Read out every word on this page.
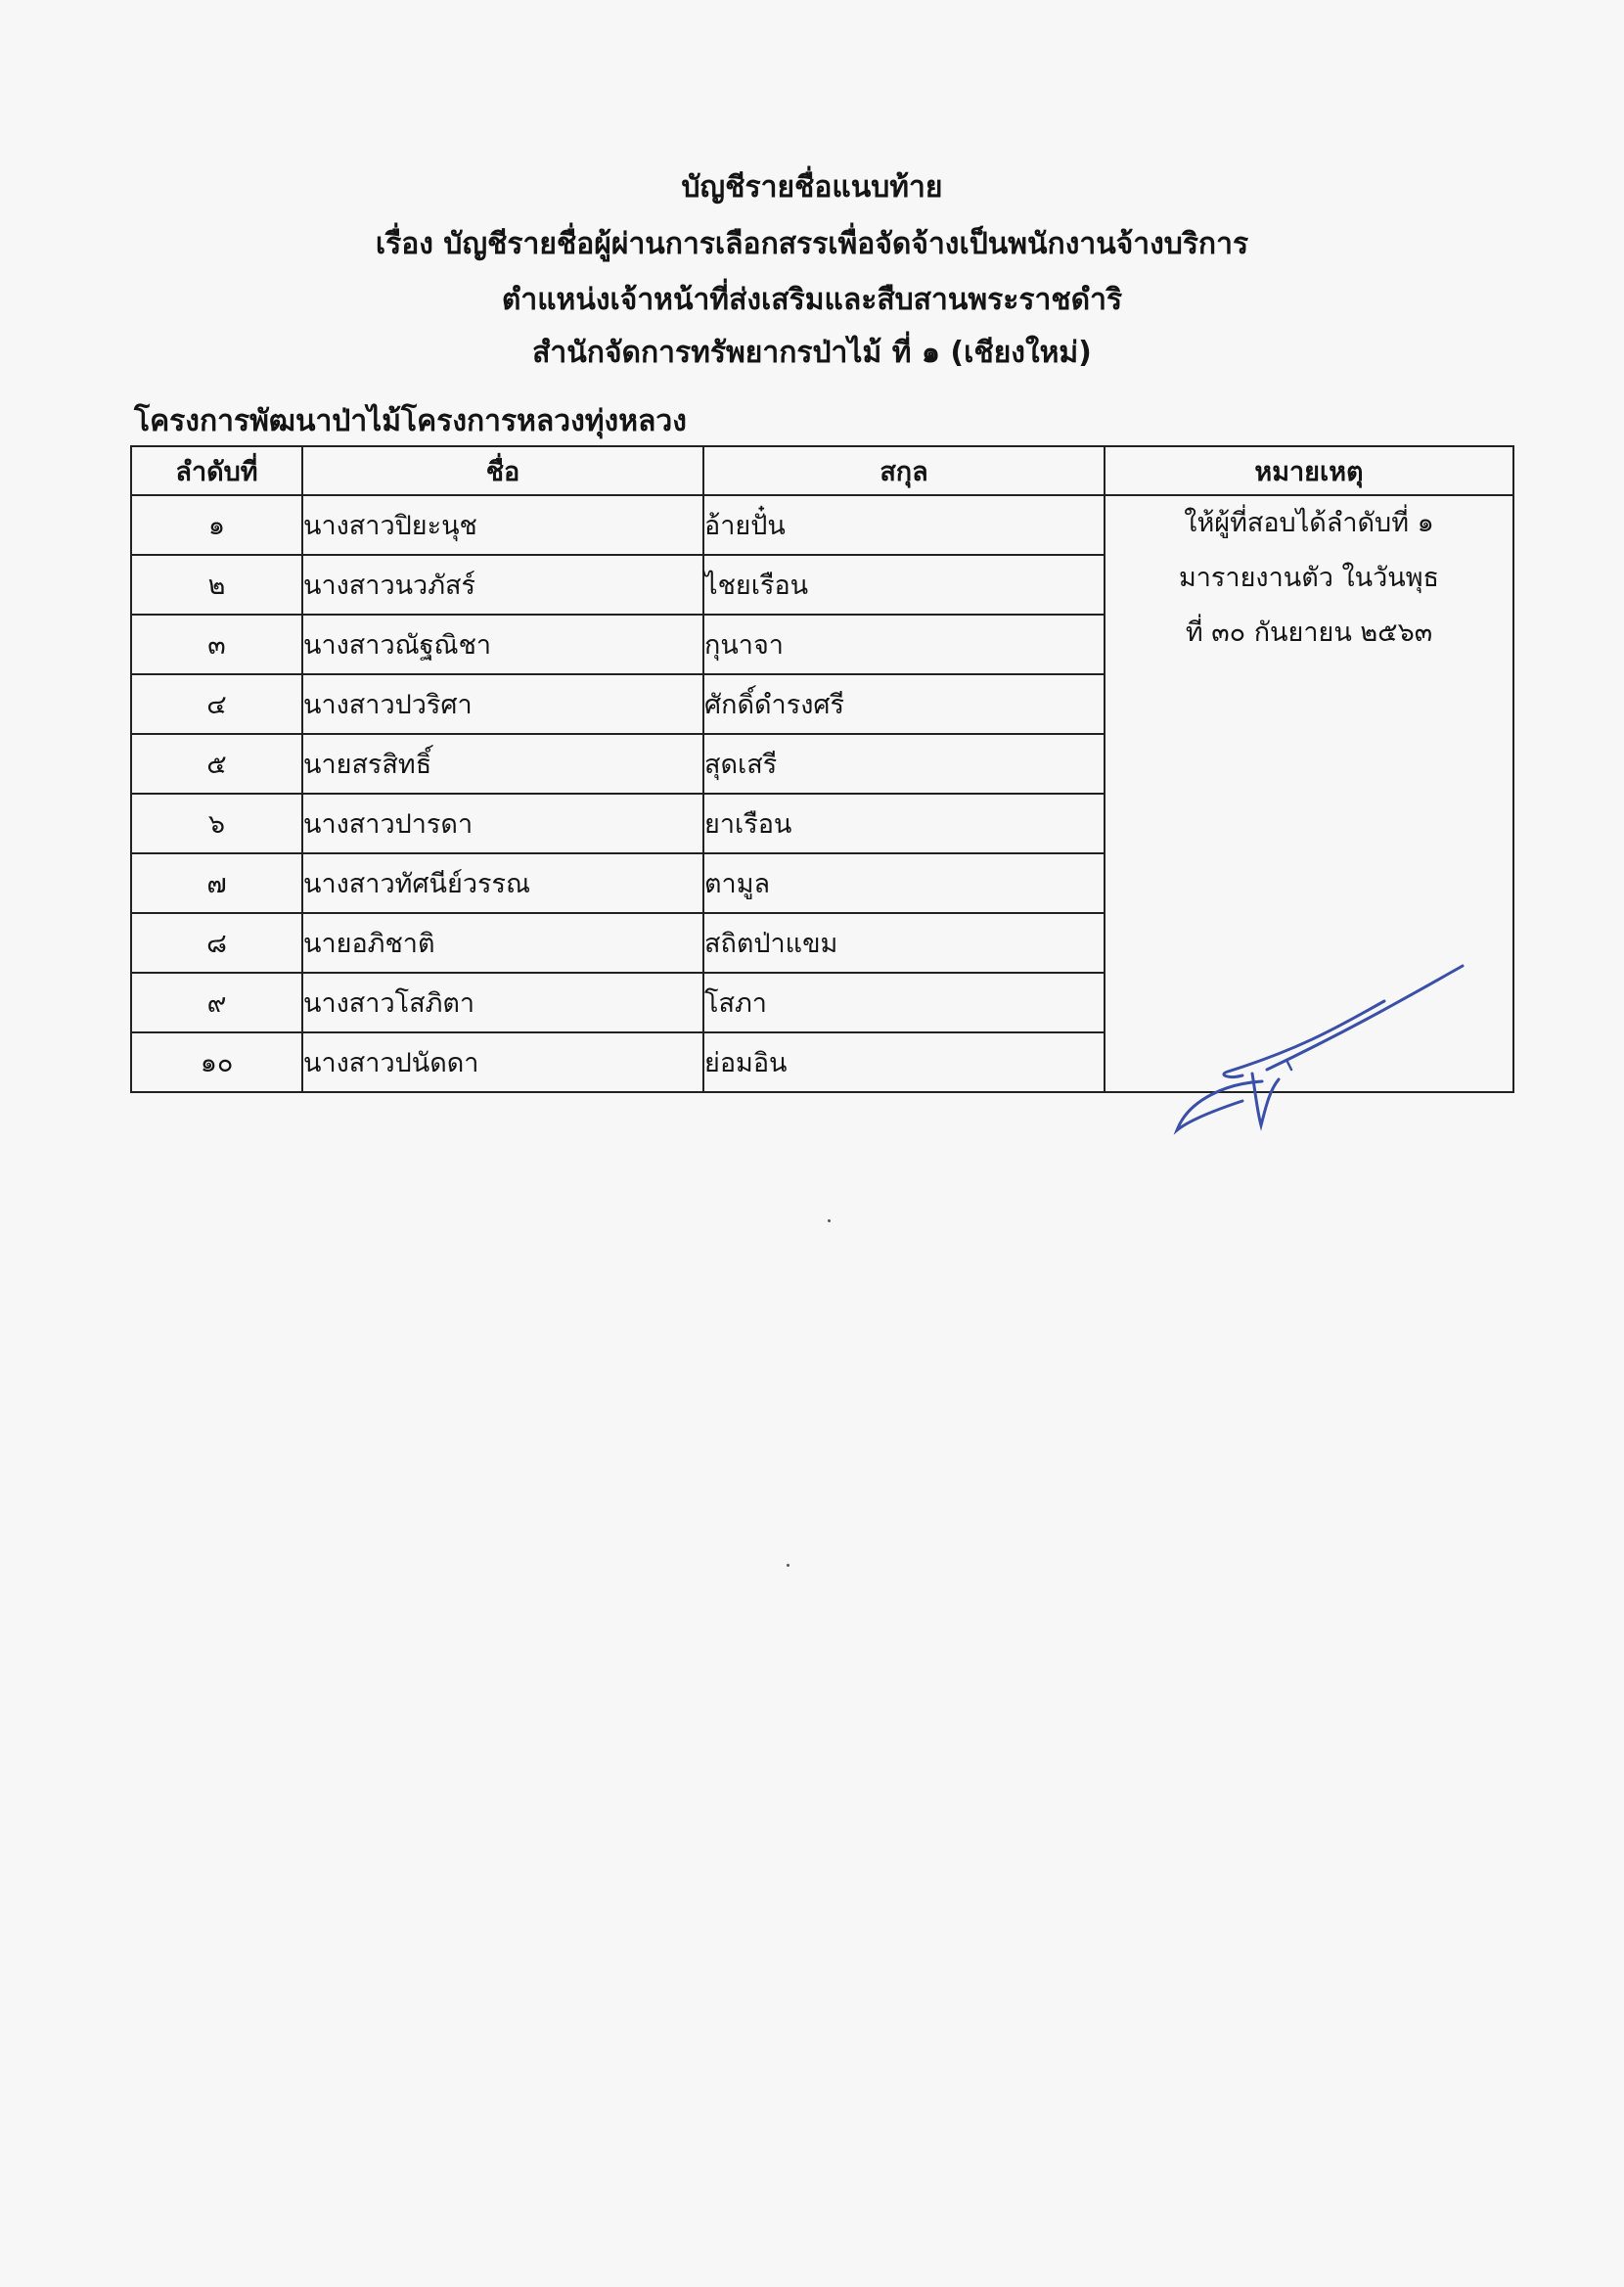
บัญชีรายชื่อแนบท้าย
เรื่อง บัญชีรายชื่อผู้ผ่านการเลือกสรรเพื่อจัดจ้างเป็นพนักงานจ้างบริการ
ตำแหน่งเจ้าหน้าที่ส่งเสริมและสืบสานพระราชดำริ
สำนักจัดการทรัพยากรป่าไม้ ที่ ๑ (เชียงใหม่)
โครงการพัฒนาป่าไม้โครงการหลวงทุ่งหลวง
ลำดับที่	ชื่อ	สกุล	หมายเหตุ
๑	นางสาวปิยะนุช	อ้ายปั๋น	ให้ผู้ที่สอบได้ลำดับที่ ๑
มารายงานตัว ในวันพุธ
ที่ ๓๐ กันยายน ๒๕๖๓

๒	นางสาวนวภัสร์	ไชยเรือน	
๓	นางสาวณัฐณิชา	กุนาจา	
๔	นางสาวปวริศา	ศักดิ์ดำรงศรี	
๕	นายสรสิทธิ์	สุดเสรี	
๖	นางสาวปารดา	ยาเรือน	
๗	นางสาวทัศนีย์วรรณ	ตามูล	
๘	นายอภิชาติ	สถิตป่าแขม	
๙	นางสาวโสภิตา	โสภา	
๑๐	นางสาวปนัดดา	ย่อมอิน	
